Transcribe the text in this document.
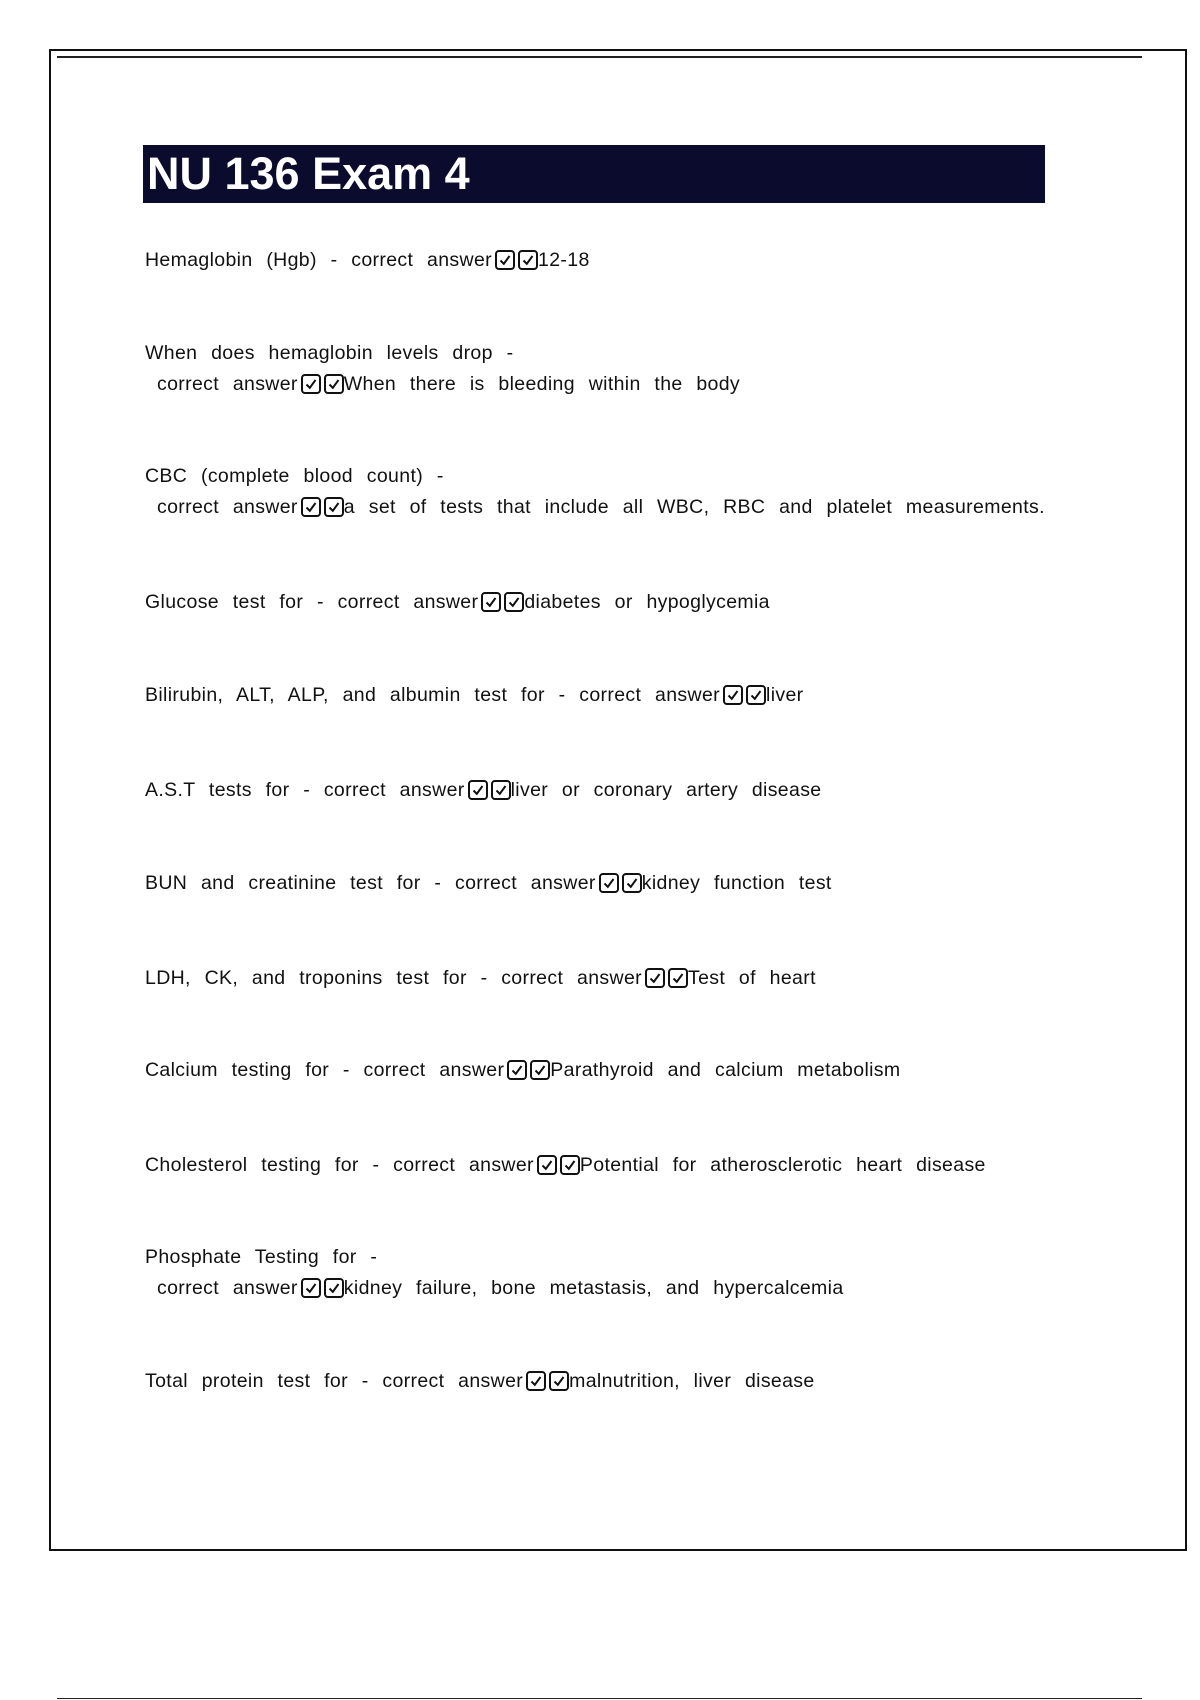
NU 136 Exam 4
Hemaglobin (Hgb) - correct answer 12-18
When does hemaglobin levels drop -
correct answer When there is bleeding within the body
CBC (complete blood count) -
correct answer a set of tests that include all WBC, RBC and platelet measurements.
Glucose test for - correct answer diabetes or hypoglycemia
Bilirubin, ALT, ALP, and albumin test for - correct answer liver
A.S.T tests for - correct answer liver or coronary artery disease
BUN and creatinine test for - correct answer kidney function test
LDH, CK, and troponins test for - correct answer Test of heart
Calcium testing for - correct answer Parathyroid and calcium metabolism
Cholesterol testing for - correct answer Potential for atherosclerotic heart disease
Phosphate Testing for -
correct answer kidney failure, bone metastasis, and hypercalcemia
Total protein test for - correct answer malnutrition, liver disease
